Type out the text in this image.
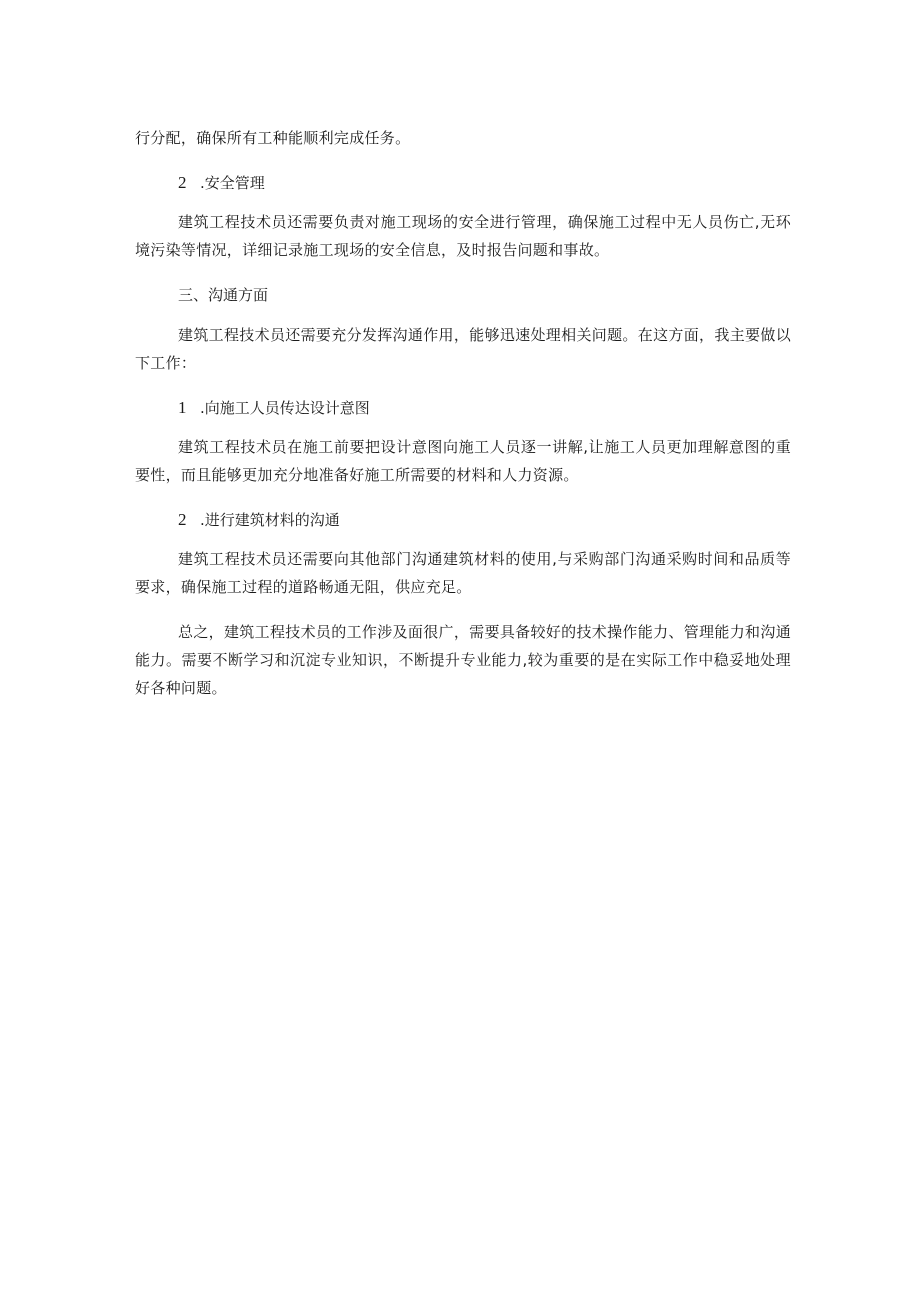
行分配，确保所有工种能顺利完成任务。

2 .安全管理

建筑工程技术员还需要负责对施工现场的安全进行管理，确保施工过程中无人员伤亡,无环境污染等情况，详细记录施工现场的安全信息，及时报告问题和事故。

三、沟通方面

建筑工程技术员还需要充分发挥沟通作用，能够迅速处理相关问题。在这方面，我主要做以下工作：

1 .向施工人员传达设计意图

建筑工程技术员在施工前要把设计意图向施工人员逐一讲解,让施工人员更加理解意图的重要性，而且能够更加充分地准备好施工所需要的材料和人力资源。

2 .进行建筑材料的沟通

建筑工程技术员还需要向其他部门沟通建筑材料的使用,与采购部门沟通采购时间和品质等要求，确保施工过程的道路畅通无阻，供应充足。

总之，建筑工程技术员的工作涉及面很广，需要具备较好的技术操作能力、管理能力和沟通能力。需要不断学习和沉淀专业知识，不断提升专业能力,较为重要的是在实际工作中稳妥地处理好各种问题。
